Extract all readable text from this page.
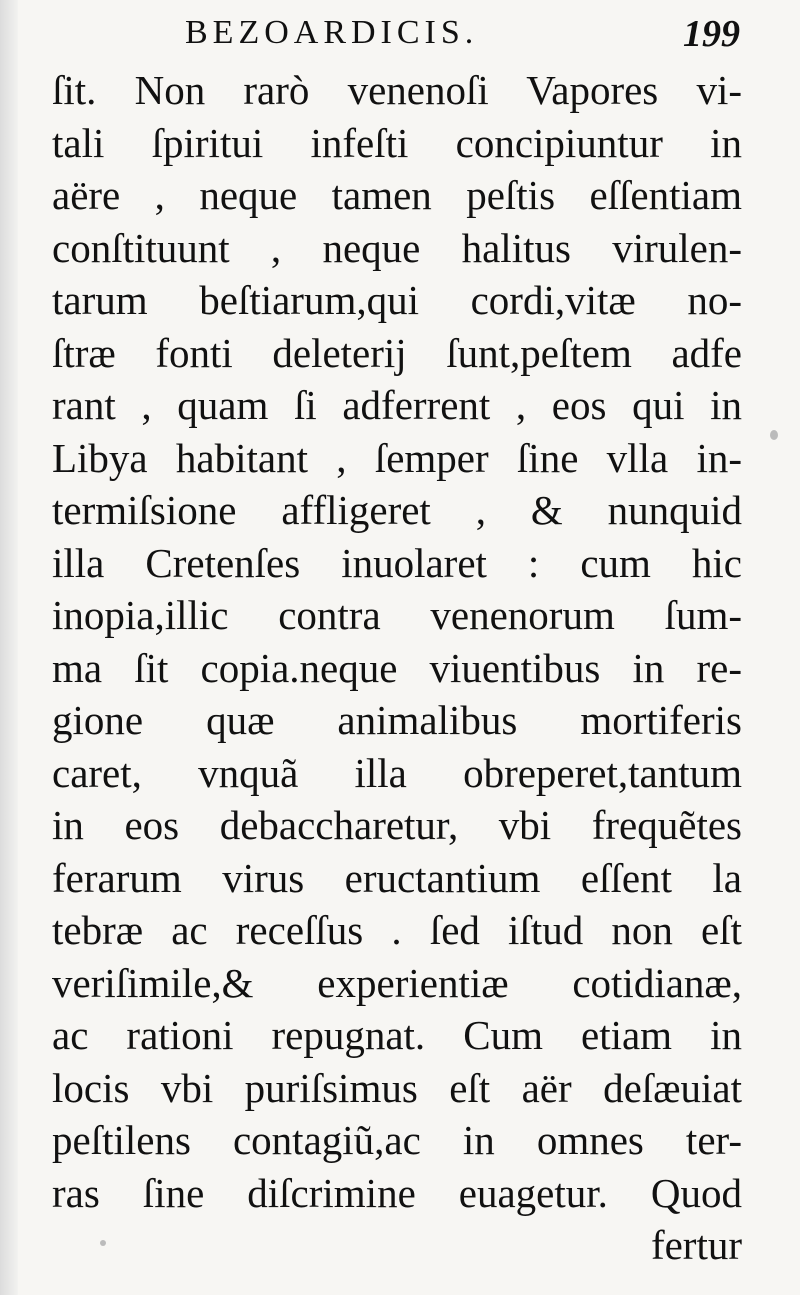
BEZOARDICIS.	199
ſit. Non rarò venenoſi Vapores vi-
tali ſpiritui infeſti concipiuntur in
aëre , neque tamen peſtis eſſentiam
conſtituunt , neque halitus virulen-
tarum beſtiarum,qui cordi,vitæ no-
ſtræ fonti deleterij ſunt,peſtem adfe
rant , quam ſi adferrent , eos qui in
Libya habitant , ſemper ſine vlla in-
termiſsione affligeret , & nunquid
illa Cretenſes inuolaret : cum hic
inopia,illic contra venenorum ſum-
ma ſit copia.neque viuentibus in re-
gione quæ animalibus mortiferis
caret, vnquã illa obreperet,tantum
in eos debaccharetur, vbi frequẽtes
ferarum virus eructantium eſſent la
tebræ ac receſſus . ſed iſtud non eſt
veriſimile,& experientiæ cotidianæ,
ac rationi repugnat. Cum etiam in
locis vbi puriſsimus eſt aër deſæuiat
peſtilens contagiũ,ac in omnes ter-
ras ſine diſcrimine euagetur. Quod
fertur
